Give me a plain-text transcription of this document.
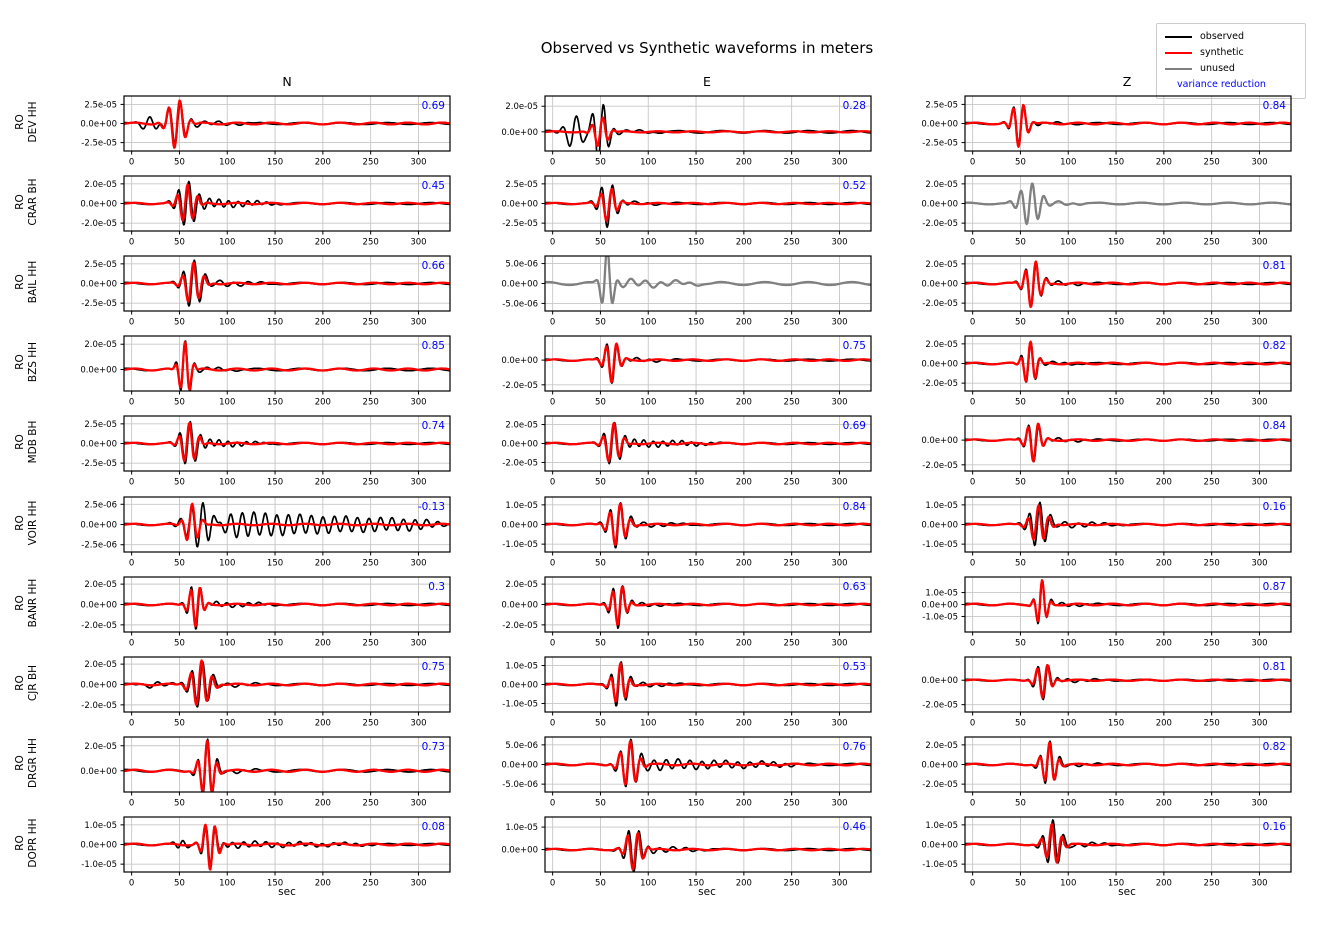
Observed vs Synthetic waveforms in meters
observed
synthetic
unused
variance reduction
N	E	Z
0	50	100	150	200	250	300
2.5e-05
0.0e+00
-2.5e-05
0.69
0	50	100	150	200	250	300
2.0e-05
0.0e+00
0.28
0	50	100	150	200	250	300
2.5e-05
0.0e+00
-2.5e-05
0.84
0	50	100	150	200	250	300
2.0e-05
0.0e+00
-2.0e-05
0.45
0	50	100	150	200	250	300
2.5e-05
0.0e+00
-2.5e-05
0.52
0	50	100	150	200	250	300
2.0e-05
0.0e+00
-2.0e-05
0	50	100	150	200	250	300
2.5e-05
0.0e+00
-2.5e-05
0.66
0	50	100	150	200	250	300
5.0e-06
0.0e+00
-5.0e-06
0	50	100	150	200	250	300
2.0e-05
0.0e+00
-2.0e-05
0.81
0	50	100	150	200	250	300
2.0e-05
0.0e+00
0.85
0	50	100	150	200	250	300
0.0e+00
-2.0e-05
0.75
0	50	100	150	200	250	300
2.0e-05
0.0e+00
-2.0e-05
0.82
0	50	100	150	200	250	300
2.5e-05
0.0e+00
-2.5e-05
0.74
0	50	100	150	200	250	300
2.0e-05
0.0e+00
-2.0e-05
0.69
0	50	100	150	200	250	300
0.0e+00
-2.0e-05
0.84
0	50	100	150	200	250	300
2.5e-06
0.0e+00
-2.5e-06
-0.13
0	50	100	150	200	250	300
1.0e-05
0.0e+00
-1.0e-05
0.84
0	50	100	150	200	250	300
1.0e-05
0.0e+00
-1.0e-05
0.16
0	50	100	150	200	250	300
2.0e-05
0.0e+00
-2.0e-05
0.3
0	50	100	150	200	250	300
2.0e-05
0.0e+00
-2.0e-05
0.63
0	50	100	150	200	250	300
1.0e-05
0.0e+00
-1.0e-05
0.87
0	50	100	150	200	250	300
2.0e-05
0.0e+00
-2.0e-05
0.75
0	50	100	150	200	250	300
1.0e-05
0.0e+00
-1.0e-05
0.53
0	50	100	150	200	250	300
0.0e+00
-2.0e-05
0.81
0	50	100	150	200	250	300
2.0e-05
0.0e+00
0.73
0	50	100	150	200	250	300
5.0e-06
0.0e+00
-5.0e-06
0.76
0	50	100	150	200	250	300
2.0e-05
0.0e+00
-2.0e-05
0.82
0	50	100	150	200	250	300
1.0e-05
0.0e+00
-1.0e-05
0.08
0	50	100	150	200	250	300
1.0e-05
0.0e+00
0.46
0	50	100	150	200	250	300
1.0e-05
0.0e+00
-1.0e-05
0.16
sec	sec	sec
RO DEV HH
RO CRAR BH
RO BAIL HH
RO BZS HH
RO MDB BH
RO VOIR HH
RO BANR HH
RO CJR BH
RO DRGR HH
RO DOPR HH
